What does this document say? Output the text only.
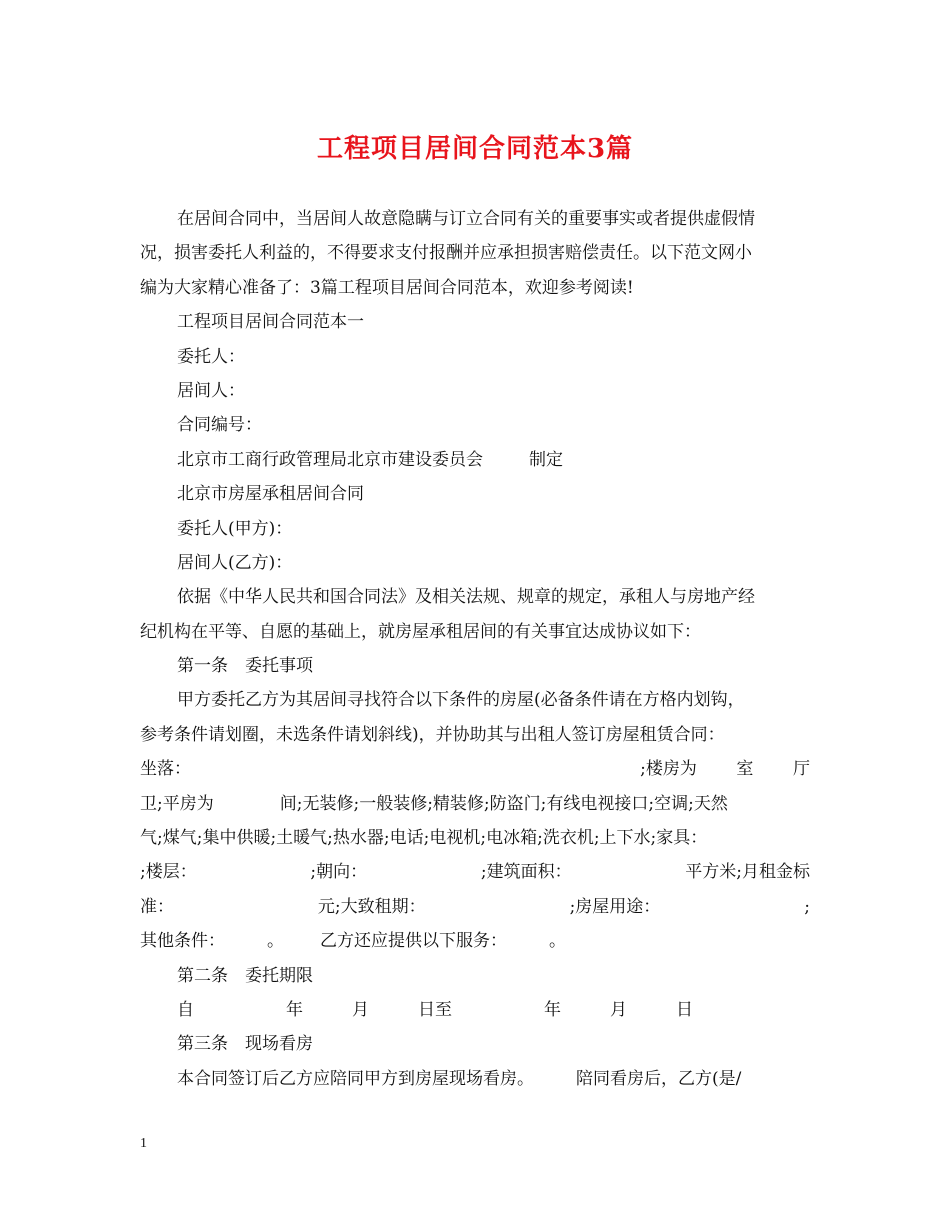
工程项目居间合同范本3篇
在居间合同中，当居间人故意隐瞒与订立合同有关的重要事实或者提供虚假情
况，损害委托人利益的，不得要求支付报酬并应承担损害赔偿责任。以下范文网小
编为大家精心准备了：3篇工程项目居间合同范本，欢迎参考阅读!
工程项目居间合同范本一
委托人：
居间人：
合同编号：
北京市工商行政管理局北京市建设委员会	制定
北京市房屋承租居间合同
委托人(甲方)：
居间人(乙方)：
依据《中华人民共和国合同法》及相关法规、规章的规定，承租人与房地产经
纪机构在平等、自愿的基础上，就房屋承租居间的有关事宜达成协议如下：
第一条 委托事项
甲方委托乙方为其居间寻找符合以下条件的房屋(必备条件请在方格内划钩，
参考条件请划圈，未选条件请划斜线)，并协助其与出租人签订房屋租赁合同：
坐落：	;楼房为 室 厅
卫;平房为	间;无装修;一般装修;精装修;防盗门;有线电视接口;空调;天然
气;煤气;集中供暖;土暖气;热水器;电话;电视机;电冰箱;洗衣机;上下水;家具：
;楼层：	;朝向：	;建筑面积：	平方米;月租金标
准：	元;大致租期：	;房屋用途：	;
其他条件： 。 乙方还应提供以下服务： 。
第二条 委托期限
自	年	月	日至	年	月	日
第三条 现场看房
本合同签订后乙方应陪同甲方到房屋现场看房。 陪同看房后，乙方(是/
1
